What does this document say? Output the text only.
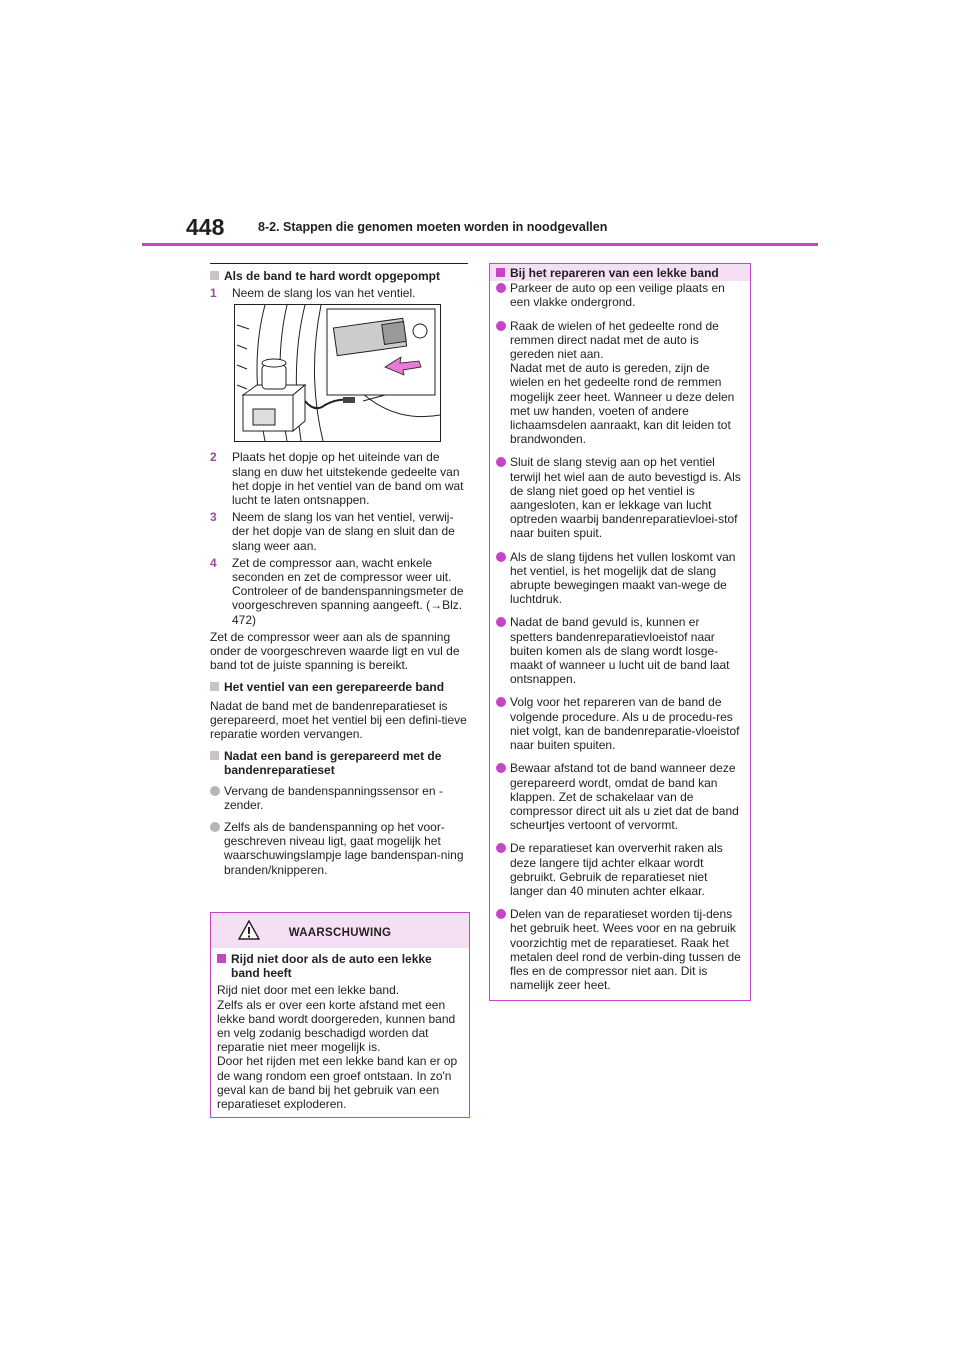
448	8-2. Stappen die genomen moeten worden in noodgevallen
Als de band te hard wordt opgepompt
1	Neem de slang los van het ventiel.
2	Plaats het dopje op het uiteinde van de slang en duw het uitstekende gedeelte van het dopje in het ventiel van de band om wat lucht te laten ontsnappen.
3	Neem de slang los van het ventiel, verwij-der het dopje van de slang en sluit dan de slang weer aan.
4	Zet de compressor aan, wacht enkele seconden en zet de compressor weer uit. Controleer of de bandenspanningsmeter de voorgeschreven spanning aangeeft. (→Blz. 472)
Zet de compressor weer aan als de spanning onder de voorgeschreven waarde ligt en vul de band tot de juiste spanning is bereikt.
Het ventiel van een gerepareerde band
Nadat de band met de bandenreparatieset is gerepareerd, moet het ventiel bij een defini-tieve reparatie worden vervangen.
Nadat een band is gerepareerd met de bandenreparatieset
Vervang de bandenspanningssensor en -zender.
Zelfs als de bandenspanning op het voor-geschreven niveau ligt, gaat mogelijk het waarschuwingslampje lage bandenspan-ning branden/knipperen.
WAARSCHUWING
Rijd niet door als de auto een lekke band heeft
Rijd niet door met een lekke band.
Zelfs als er over een korte afstand met een lekke band wordt doorgereden, kunnen band en velg zodanig beschadigd worden dat reparatie niet meer mogelijk is.
Door het rijden met een lekke band kan er op de wang rondom een groef ontstaan. In zo'n geval kan de band bij het gebruik van een reparatieset exploderen.
Bij het repareren van een lekke band
Parkeer de auto op een veilige plaats en een vlakke ondergrond.
Raak de wielen of het gedeelte rond de remmen direct nadat met de auto is gereden niet aan.
Nadat met de auto is gereden, zijn de wielen en het gedeelte rond de remmen mogelijk zeer heet. Wanneer u deze delen met uw handen, voeten of andere lichaamsdelen aanraakt, kan dit leiden tot brandwonden.
Sluit de slang stevig aan op het ventiel terwijl het wiel aan de auto bevestigd is. Als de slang niet goed op het ventiel is aangesloten, kan er lekkage van lucht optreden waarbij bandenreparatievloei-stof naar buiten spuit.
Als de slang tijdens het vullen loskomt van het ventiel, is het mogelijk dat de slang abrupte bewegingen maakt van-wege de luchtdruk.
Nadat de band gevuld is, kunnen er spetters bandenreparatievloeistof naar buiten komen als de slang wordt losge-maakt of wanneer u lucht uit de band laat ontsnappen.
Volg voor het repareren van de band de volgende procedure. Als u de procedu-res niet volgt, kan de bandenreparatie-vloeistof naar buiten spuiten.
Bewaar afstand tot de band wanneer deze gerepareerd wordt, omdat de band kan klappen. Zet de schakelaar van de compressor direct uit als u ziet dat de band scheurtjes vertoont of vervormt.
De reparatieset kan oververhit raken als deze langere tijd achter elkaar wordt gebruikt. Gebruik de reparatieset niet langer dan 40 minuten achter elkaar.
Delen van de reparatieset worden tij-dens het gebruik heet. Wees voor en na gebruik voorzichtig met de reparatieset. Raak het metalen deel rond de verbin-ding tussen de fles en de compressor niet aan. Dit is namelijk zeer heet.
